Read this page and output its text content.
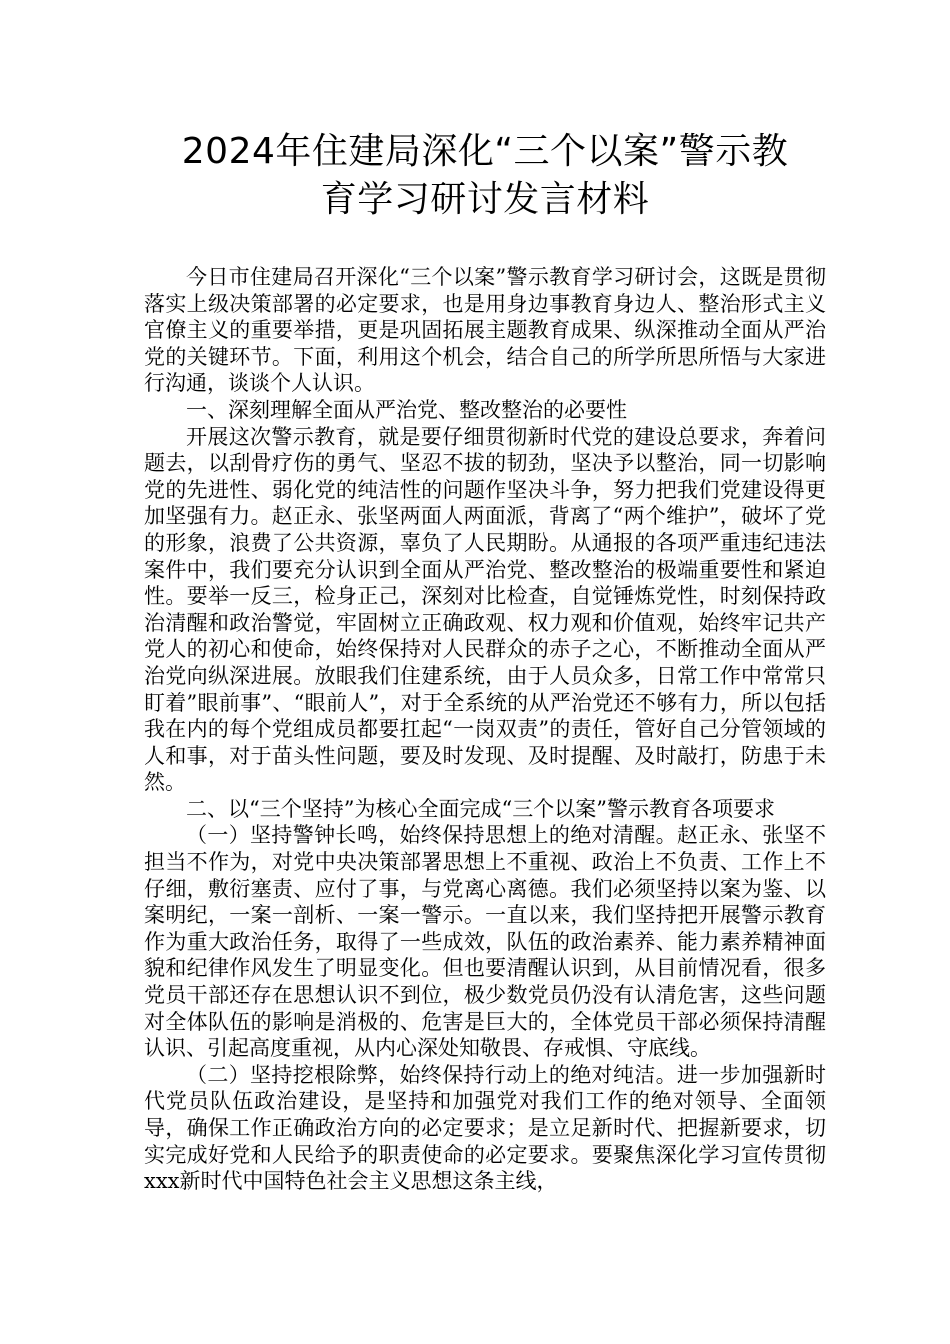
2024年住建局深化“三个以案”警示教
育学习研讨发言材料

今日市住建局召开深化“三个以案”警示教育学习研讨会，这既是贯彻落实上级决策部署的必定要求，也是用身边事教育身边人、整治形式主义官僚主义的重要举措，更是巩固拓展主题教育成果、纵深推动全面从严治党的关键环节。下面，利用这个机会，结合自己的所学所思所悟与大家进行沟通，谈谈个人认识。

一、深刻理解全面从严治党、整改整治的必要性

开展这次警示教育，就是要仔细贯彻新时代党的建设总要求，奔着问题去，以刮骨疗伤的勇气、坚忍不拔的韧劲，坚决予以整治，同一切影响党的先进性、弱化党的纯洁性的问题作坚决斗争，努力把我们党建设得更加坚强有力。赵正永、张坚两面人两面派，背离了“两个维护”，破坏了党的形象，浪费了公共资源，辜负了人民期盼。从通报的各项严重违纪违法案件中，我们要充分认识到全面从严治党、整改整治的极端重要性和紧迫性。要举一反三，检身正己，深刻对比检查，自觉锤炼党性，时刻保持政治清醒和政治警觉，牢固树立正确政观、权力观和价值观，始终牢记共产党人的初心和使命，始终保持对人民群众的赤子之心，不断推动全面从严治党向纵深进展。放眼我们住建系统，由于人员众多，日常工作中常常只盯着”眼前事”、“眼前人”，对于全系统的从严治党还不够有力，所以包括我在内的每个党组成员都要扛起“一岗双责”的责任，管好自己分管领域的人和事，对于苗头性问题，要及时发现、及时提醒、及时敲打，防患于未然。

二、以“三个坚持”为核心全面完成“三个以案”警示教育各项要求

（一）坚持警钟长鸣，始终保持思想上的绝对清醒。赵正永、张坚不担当不作为，对党中央决策部署思想上不重视、政治上不负责、工作上不仔细，敷衍塞责、应付了事，与党离心离德。我们必须坚持以案为鉴、以案明纪，一案一剖析、一案一警示。一直以来，我们坚持把开展警示教育作为重大政治任务，取得了一些成效，队伍的政治素养、能力素养精神面貌和纪律作风发生了明显变化。但也要清醒认识到，从目前情况看，很多党员干部还存在思想认识不到位，极少数党员仍没有认清危害，这些问题对全体队伍的影响是消极的、危害是巨大的，全体党员干部必须保持清醒认识、引起高度重视，从内心深处知敬畏、存戒惧、守底线。

（二）坚持挖根除弊，始终保持行动上的绝对纯洁。进一步加强新时代党员队伍政治建设，是坚持和加强党对我们工作的绝对领导、全面领导，确保工作正确政治方向的必定要求；是立足新时代、把握新要求，切实完成好党和人民给予的职责使命的必定要求。要聚焦深化学习宣传贯彻xxx新时代中国特色社会主义思想这条主线，
